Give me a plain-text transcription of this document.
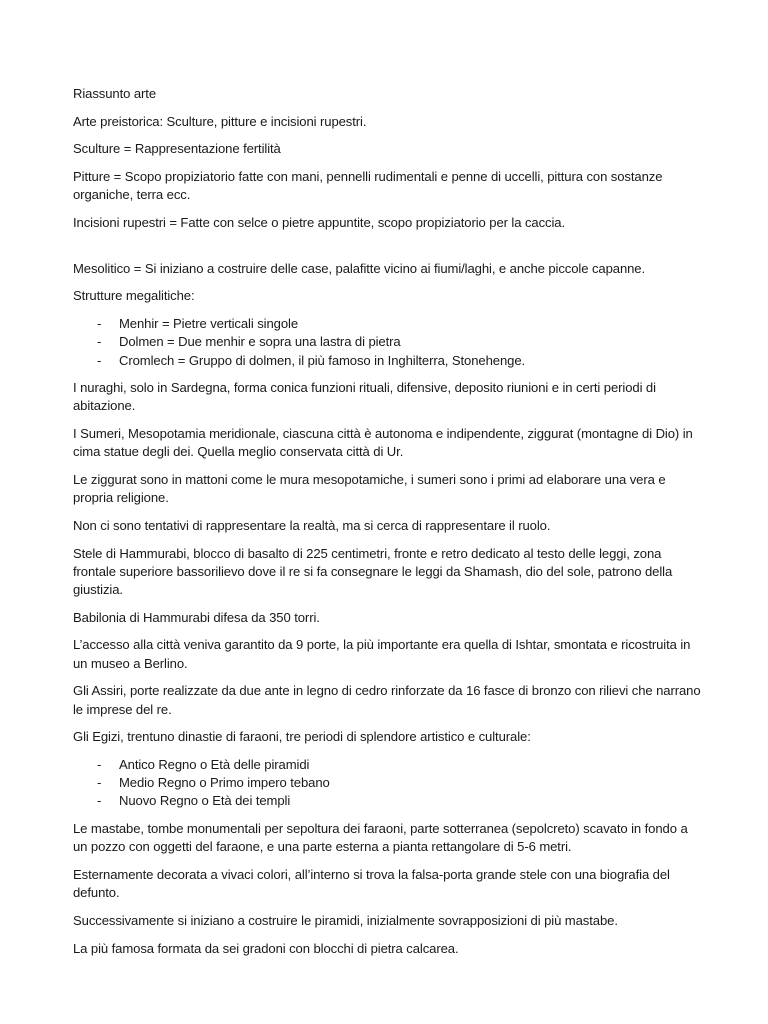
Riassunto arte

Arte preistorica: Sculture, pitture e incisioni rupestri.

Sculture = Rappresentazione fertilità

Pitture = Scopo propiziatorio fatte con mani, pennelli rudimentali e penne di uccelli, pittura con sostanze organiche, terra ecc.

Incisioni rupestri = Fatte con selce o pietre appuntite, scopo propiziatorio per la caccia.

Mesolitico = Si iniziano a costruire delle case, palafitte vicino ai fiumi/laghi, e anche piccole capanne.

Strutture megalitiche:

- Menhir = Pietre verticali singole
- Dolmen = Due menhir e sopra una lastra di pietra
- Cromlech = Gruppo di dolmen, il più famoso in Inghilterra, Stonehenge.

I nuraghi, solo in Sardegna, forma conica funzioni rituali, difensive, deposito riunioni e in certi periodi di abitazione.

I Sumeri, Mesopotamia meridionale, ciascuna città è autonoma e indipendente, ziggurat (montagne di Dio) in cima statue degli dei. Quella meglio conservata città di Ur.

Le ziggurat sono in mattoni come le mura mesopotamiche, i sumeri sono i primi ad elaborare una vera e propria religione.

Non ci sono tentativi di rappresentare la realtà, ma si cerca di rappresentare il ruolo.

Stele di Hammurabi, blocco di basalto di 225 centimetri, fronte e retro dedicato al testo delle leggi, zona frontale superiore bassorilievo dove il re si fa consegnare le leggi da Shamash, dio del sole, patrono della giustizia.

Babilonia di Hammurabi difesa da 350 torri.

L’accesso alla città veniva garantito da 9 porte, la più importante era quella di Ishtar, smontata e ricostruita in un museo a Berlino.

Gli Assiri, porte realizzate da due ante in legno di cedro rinforzate da 16 fasce di bronzo con rilievi che narrano le imprese del re.

Gli Egizi, trentuno dinastie di faraoni, tre periodi di splendore artistico e culturale:

- Antico Regno o Età delle piramidi
- Medio Regno o Primo impero tebano
- Nuovo Regno o Età dei templi

Le mastabe, tombe monumentali per sepoltura dei faraoni, parte sotterranea (sepolcreto) scavato in fondo a un pozzo con oggetti del faraone, e una parte esterna a pianta rettangolare di 5-6 metri.

Esternamente decorata a vivaci colori, all’interno si trova la falsa-porta grande stele con una biografia del defunto.

Successivamente si iniziano a costruire le piramidi, inizialmente sovrapposizioni di più mastabe.

La più famosa formata da sei gradoni con blocchi di pietra calcarea.
